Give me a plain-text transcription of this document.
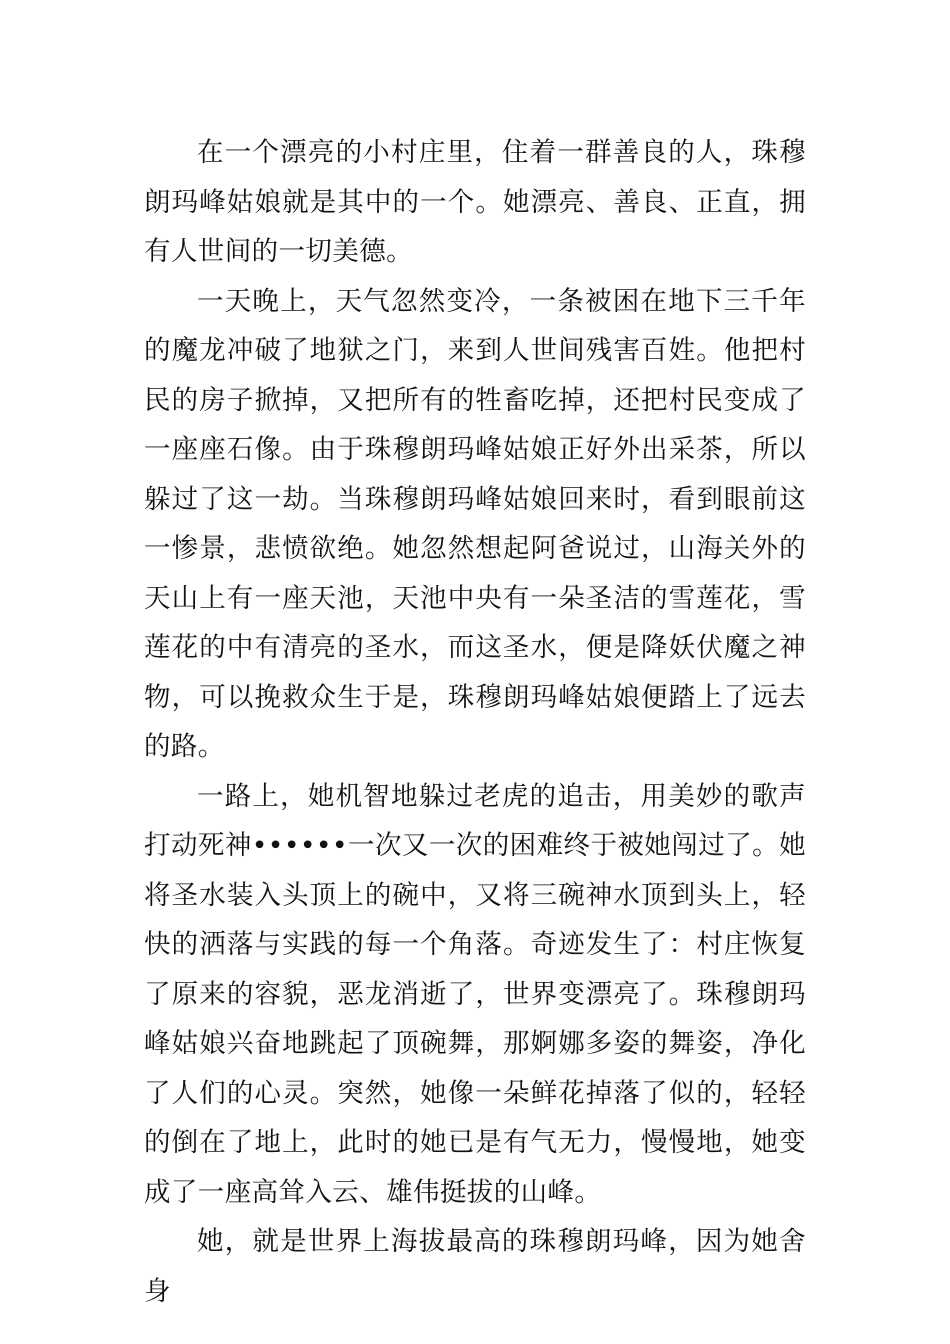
在一个漂亮的小村庄里，住着一群善良的人，珠穆朗玛峰姑娘就是其中的一个。她漂亮、善良、正直，拥有人世间的一切美德。

一天晚上，天气忽然变冷，一条被困在地下三千年的魔龙冲破了地狱之门，来到人世间残害百姓。他把村民的房子掀掉，又把所有的牲畜吃掉，还把村民变成了一座座石像。由于珠穆朗玛峰姑娘正好外出采茶，所以躲过了这一劫。当珠穆朗玛峰姑娘回来时，看到眼前这一惨景，悲愤欲绝。她忽然想起阿爸说过，山海关外的天山上有一座天池，天池中央有一朵圣洁的雪莲花，雪莲花的中有清亮的圣水，而这圣水，便是降妖伏魔之神物，可以挽救众生于是，珠穆朗玛峰姑娘便踏上了远去的路。

一路上，她机智地躲过老虎的追击，用美妙的歌声打动死神••••••一次又一次的困难终于被她闯过了。她将圣水装入头顶上的碗中，又将三碗神水顶到头上，轻快的洒落与实践的每一个角落。奇迹发生了：村庄恢复了原来的容貌，恶龙消逝了，世界变漂亮了。珠穆朗玛峰姑娘兴奋地跳起了顶碗舞，那婀娜多姿的舞姿，净化了人们的心灵。突然，她像一朵鲜花掉落了似的，轻轻的倒在了地上，此时的她已是有气无力，慢慢地，她变成了一座高耸入云、雄伟挺拔的山峰。

她，就是世界上海拔最高的珠穆朗玛峰，因为她舍身
